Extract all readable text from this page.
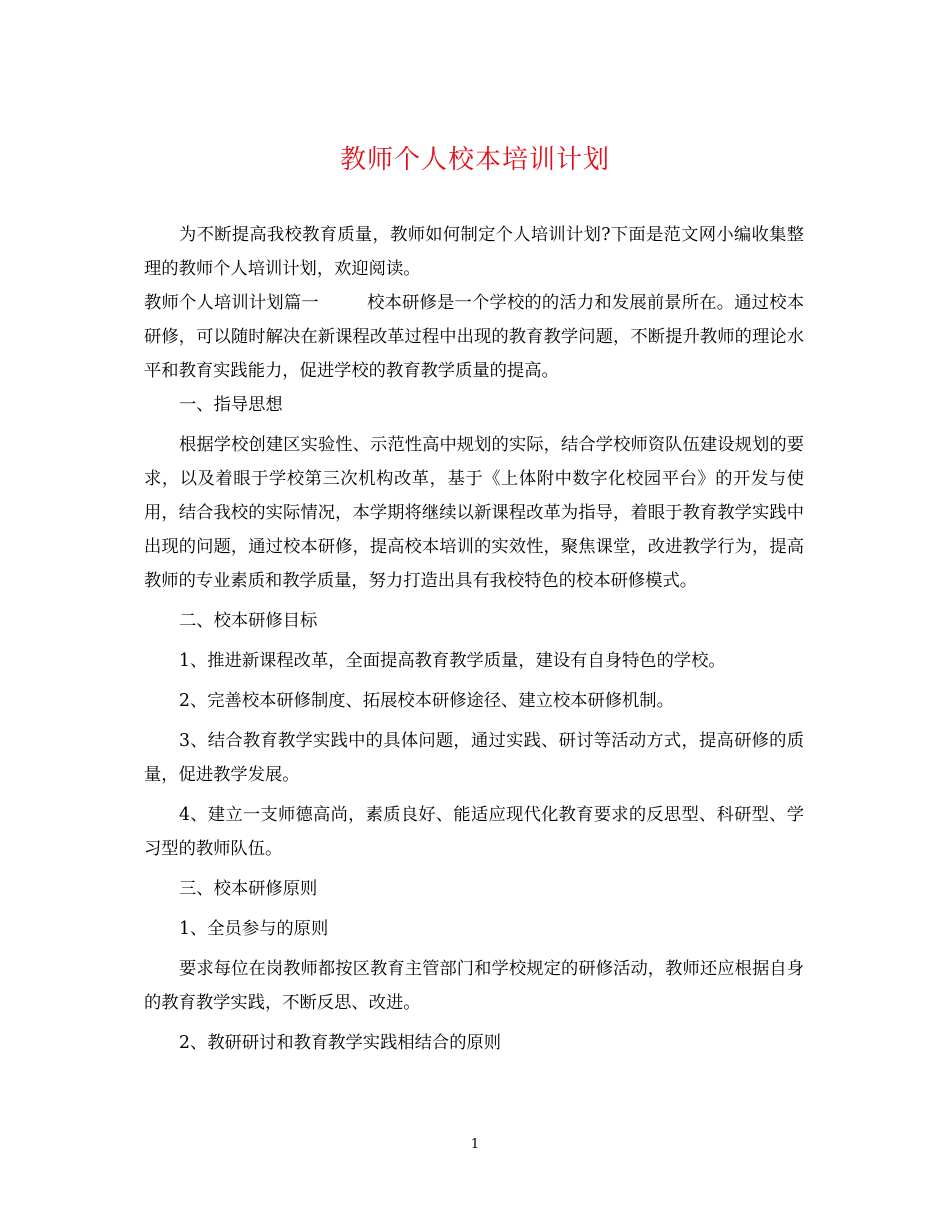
教师个人校本培训计划

为不断提高我校教育质量，教师如何制定个人培训计划?下面是范文网小编收集整理的教师个人培训计划，欢迎阅读。

教师个人培训计划篇一	校本研修是一个学校的的活力和发展前景所在。通过校本研修，可以随时解决在新课程改革过程中出现的教育教学问题，不断提升教师的理论水平和教育实践能力，促进学校的教育教学质量的提高。

一、指导思想

根据学校创建区实验性、示范性高中规划的实际，结合学校师资队伍建设规划的要求，以及着眼于学校第三次机构改革，基于《上体附中数字化校园平台》的开发与使用，结合我校的实际情况，本学期将继续以新课程改革为指导，着眼于教育教学实践中出现的问题，通过校本研修，提高校本培训的实效性，聚焦课堂，改进教学行为，提高教师的专业素质和教学质量，努力打造出具有我校特色的校本研修模式。

二、校本研修目标

1、推进新课程改革，全面提高教育教学质量，建设有自身特色的学校。

2、完善校本研修制度、拓展校本研修途径、建立校本研修机制。

3、结合教育教学实践中的具体问题，通过实践、研讨等活动方式，提高研修的质量，促进教学发展。

4、建立一支师德高尚，素质良好、能适应现代化教育要求的反思型、科研型、学习型的教师队伍。

三、校本研修原则

1、全员参与的原则

要求每位在岗教师都按区教育主管部门和学校规定的研修活动，教师还应根据自身的教育教学实践，不断反思、改进。

2、教研研讨和教育教学实践相结合的原则

1
